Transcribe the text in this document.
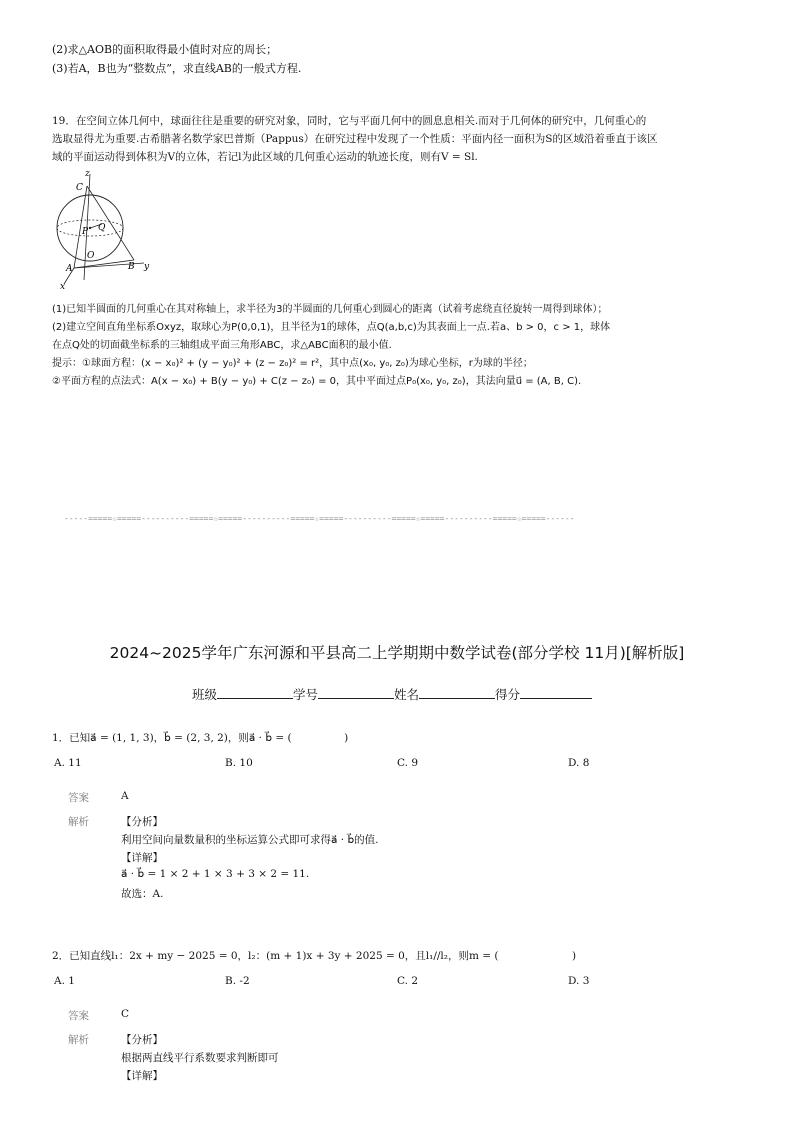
(2)求△AOB的面积取得最小值时对应的周长；
(3)若A，B也为“整数点”，求直线AB的一般式方程.
19．在空间立体几何中，球面往往是重要的研究对象，同时，它与平面几何中的圆息息相关.而对于几何体的研究中，几何重心的
选取显得尤为重要.古希腊著名数学家巴普斯（Pappus）在研究过程中发现了一个性质：平面内径一面积为S的区域沿着垂直于该区
域的平面运动得到体积为V的立体，若记l为此区域的几何重心运动的轨迹长度，则有V = Sl.
z
C
P Q
O
A	B y
x
(1)已知半圆面的几何重心在其对称轴上，求半径为3的半圆面的几何重心到圆心的距离（试着考虑绕直径旋转一周得到球体）；
(2)建立空间直角坐标系Oxyz，取球心为P(0,0,1)，且半径为1的球体，点Q(a,b,c)为其表面上一点.若a、b > 0，c > 1，球体
在点Q处的切面截坐标系的三轴组成平面三角形ABC，求△ABC面积的最小值.
提示：①球面方程：(x − x₀)² + (y − y₀)² + (z − z₀)² = r²，其中点(x₀, y₀, z₀)为球心坐标，r为球的半径；
②平面方程的点法式：A(x − x₀) + B(y − y₀) + C(z − z₀) = 0，其中平面过点P₀(x₀, y₀, z₀)，其法向量u⃗ = (A, B, C).
-----=====☆=====----------=====☆=====----------=====☆=====----------=====☆=====----------=====☆=====------
2024~2025学年广东河源和平县高二上学期期中数学试卷(部分学校 11月)[解析版]
班级	学号	姓名	得分
1．已知a⃗ = (1, 1, 3)，b⃗ = (2, 3, 2)，则a⃗ · b⃗ = (　　　　　)
A. 11	B. 10	C. 9	D. 8
答案	A
解析	【分析】
利用空间向量数量积的坐标运算公式即可求得a⃗ · b⃗的值.
【详解】
a⃗ · b⃗ = 1 × 2 + 1 × 3 + 3 × 2 = 11.
故选：A.
2．已知直线l₁：2x + my − 2025 = 0，l₂：(m + 1)x + 3y + 2025 = 0，且l₁//l₂，则m = (　　　　　　　)
A. 1	B. -2	C. 2	D. 3
答案	C
解析	【分析】
根据两直线平行系数要求判断即可
【详解】
